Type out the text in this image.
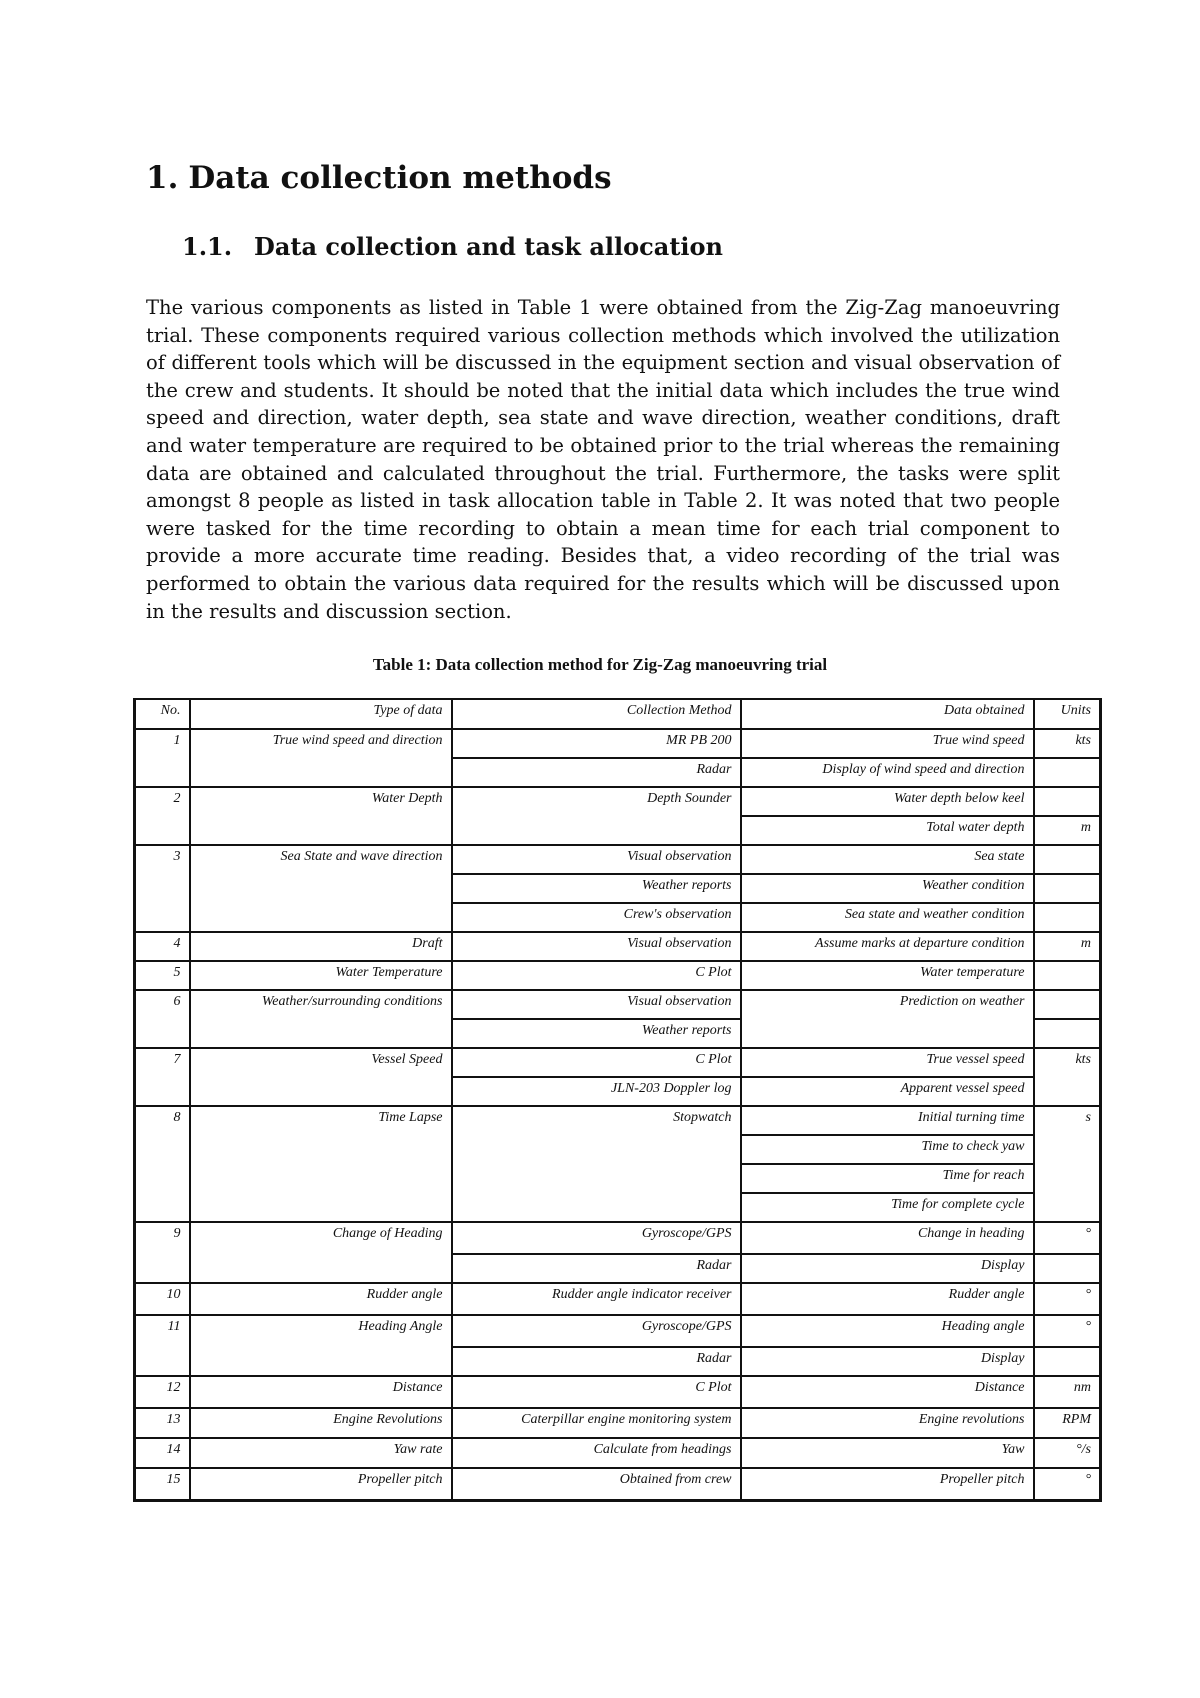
1. Data collection methods
1.1. Data collection and task allocation

The various components as listed in Table 1 were obtained from the Zig-Zag manoeuvring trial. These components required various collection methods which involved the utilization of different tools which will be discussed in the equipment section and visual observation of the crew and students. It should be noted that the initial data which includes the true wind speed and direction, water depth, sea state and wave direction, weather conditions, draft and water temperature are required to be obtained prior to the trial whereas the remaining data are obtained and calculated throughout the trial. Furthermore, the tasks were split amongst 8 people as listed in task allocation table in Table 2. It was noted that two people were tasked for the time recording to obtain a mean time for each trial component to provide a more accurate time reading. Besides that, a video recording of the trial was performed to obtain the various data required for the results which will be discussed upon in the results and discussion section.

Table 1: Data collection method for Zig-Zag manoeuvring trial

No.	Type of data	Collection Method	Data obtained	Units
1	True wind speed and direction	MR PB 200	True wind speed	kts
		Radar	Display of wind speed and direction	
2	Water Depth	Depth Sounder	Water depth below keel	
			Total water depth	m
3	Sea State and wave direction	Visual observation	Sea state	
		Weather reports	Weather condition	
		Crew's observation	Sea state and weather condition	
4	Draft	Visual observation	Assume marks at departure condition	m
5	Water Temperature	C Plot	Water temperature	
6	Weather/surrounding conditions	Visual observation	Prediction on weather	
		Weather reports		
7	Vessel Speed	C Plot	True vessel speed	kts
		JLN-203 Doppler log	Apparent vessel speed	
8	Time Lapse	Stopwatch	Initial turning time	s
			Time to check yaw	
			Time for reach	
			Time for complete cycle	
9	Change of Heading	Gyroscope/GPS	Change in heading	°
		Radar	Display	
10	Rudder angle	Rudder angle indicator receiver	Rudder angle	°
11	Heading Angle	Gyroscope/GPS	Heading angle	°
		Radar	Display	
12	Distance	C Plot	Distance	nm
13	Engine Revolutions	Caterpillar engine monitoring system	Engine revolutions	RPM
14	Yaw rate	Calculate from headings	Yaw	°/s
15	Propeller pitch	Obtained from crew	Propeller pitch	°
